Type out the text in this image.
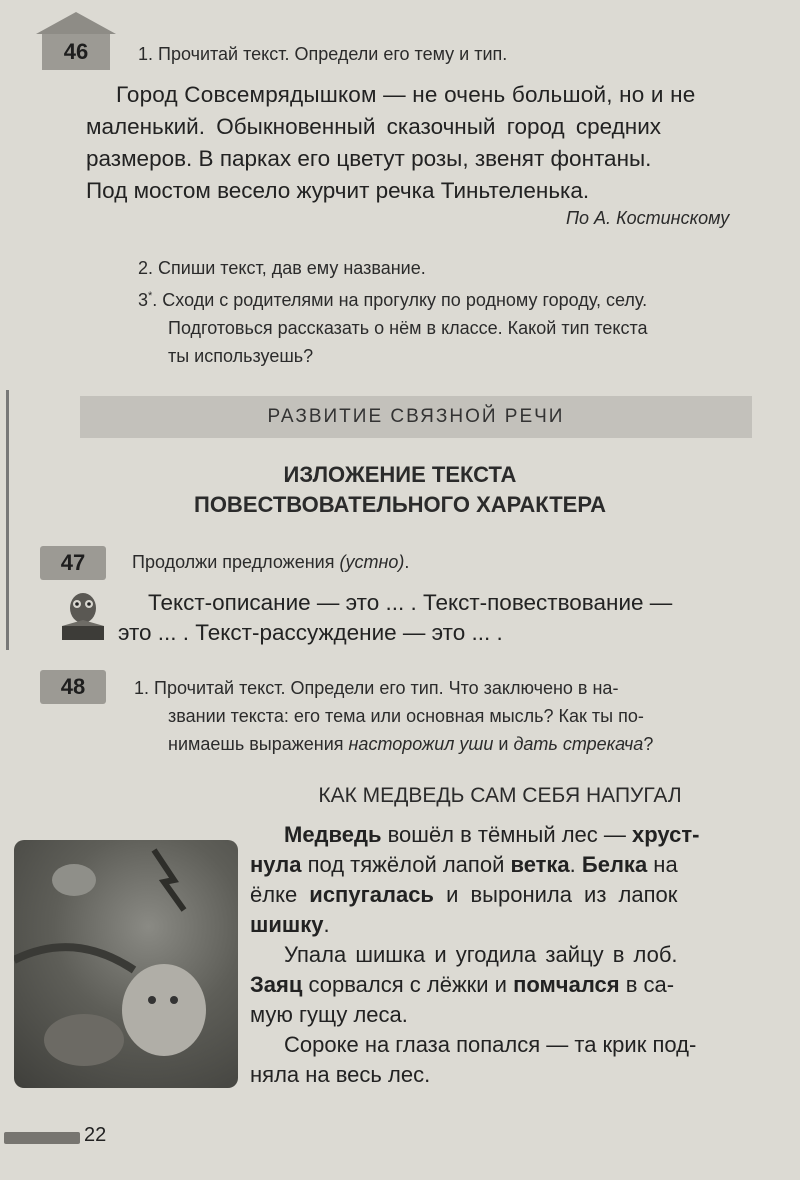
46	1. Прочитай текст. Определи его тему и тип.
Город Совсемрядышком — не очень большой, но и не
маленький. Обыкновенный сказочный город средних
размеров. В парках его цветут розы, звенят фонтаны.
Под мостом весело журчит речка Тиньтеленька.
По А. Костинскому
2. Спиши текст, дав ему название.
3*. Сходи с родителями на прогулку по родному городу, селу.
Подготовься рассказать о нём в классе. Какой тип текста
ты используешь?
РАЗВИТИЕ СВЯЗНОЙ РЕЧИ
ИЗЛОЖЕНИЕ ТЕКСТА
ПОВЕСТВОВАТЕЛЬНОГО ХАРАКТЕРА
47	Продолжи предложения (устно).
Текст-описание — это ... . Текст-повествование —
это ... . Текст-рассуждение — это ... .
48	1. Прочитай текст. Определи его тип. Что заключено в на-
звании текста: его тема или основная мысль? Как ты по-
нимаешь выражения насторожил уши и дать стрекача?
КАК МЕДВЕДЬ САМ СЕБЯ НАПУГАЛ
Медведь вошёл в тёмный лес — хруст-
нула под тяжёлой лапой ветка. Белка на
ёлке испугалась и выронила из лапок
шишку.
Упала шишка и угодила зайцу в лоб.
Заяц сорвался с лёжки и помчался в са-
мую гущу леса.
Сороке на глаза попался — та крик под-
няла на весь лес.
22
